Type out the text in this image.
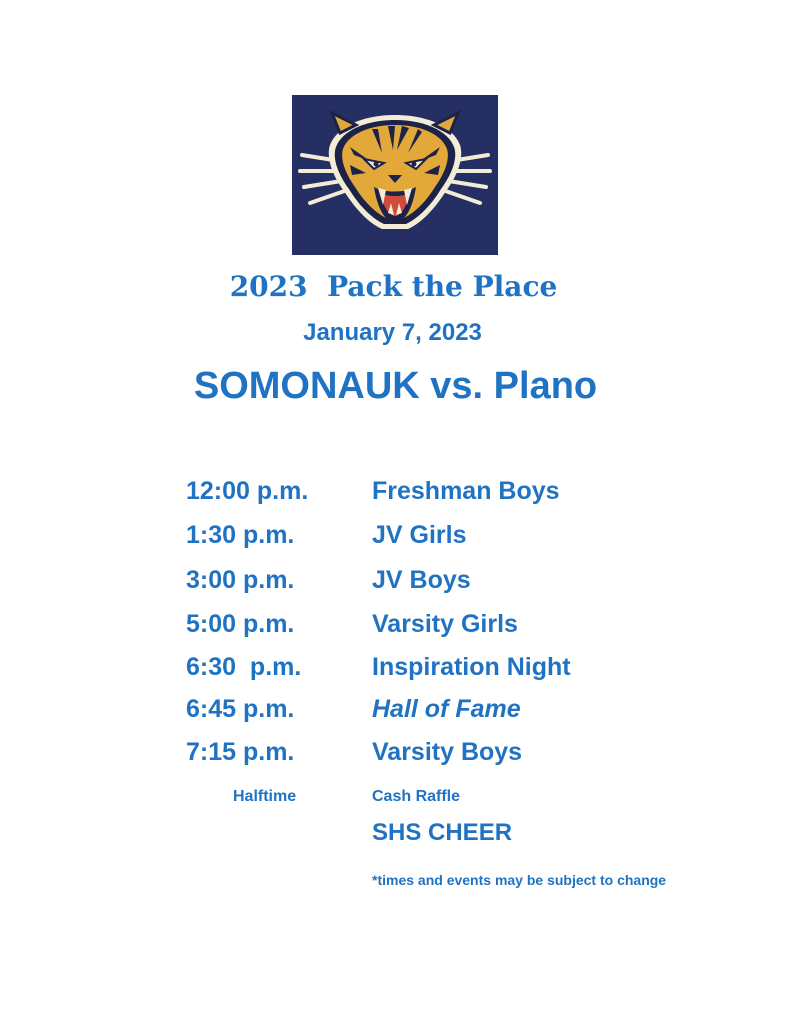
2023  Pack the Place
January 7, 2023
SOMONAUK vs. Plano
12:00 p.m.	Freshman Boys
1:30 p.m.	JV Girls
3:00 p.m.	JV Boys
5:00 p.m.	Varsity Girls
6:30  p.m.	Inspiration Night
6:45 p.m.	Hall of Fame
7:15 p.m.	Varsity Boys
Halftime	Cash Raffle
SHS CHEER
*times and events may be subject to change
